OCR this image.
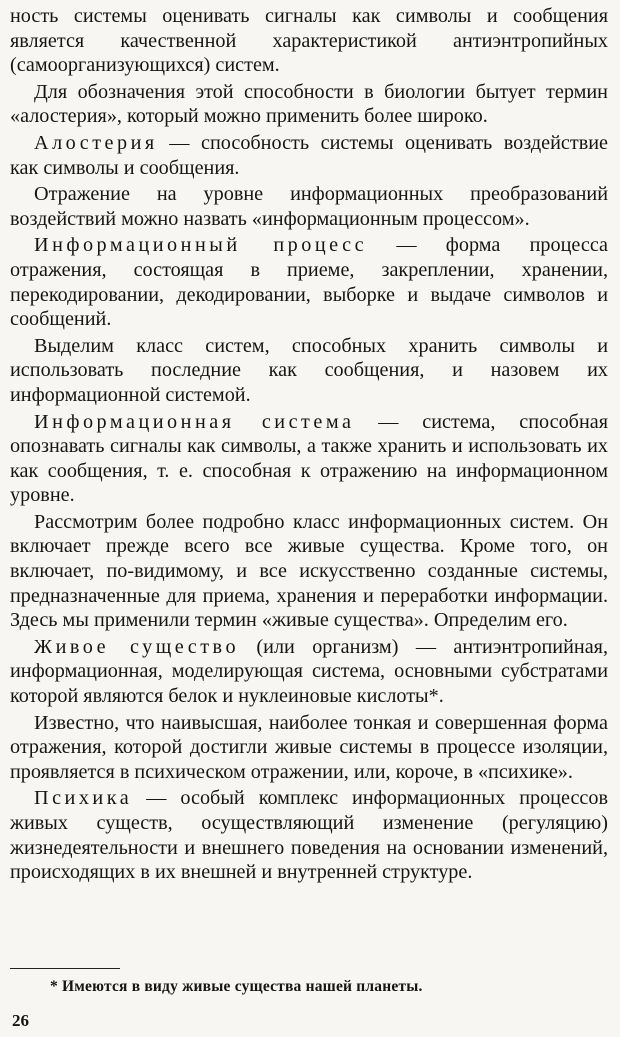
ность системы оценивать сигналы как символы и сообщения является качественной характеристикой антиэнтропийных (самоорганизующихся) систем.

Для обозначения этой способности в биологии бытует термин «алостерия», который можно применить более широко.

Алостерия — способность системы оценивать воздействие как символы и сообщения.

Отражение на уровне информационных преобразований воздействий можно назвать «информационным процессом».

Информационный процесс — форма процесса отражения, состоящая в приеме, закреплении, хранении, перекодировании, декодировании, выборке и выдаче символов и сообщений.

Выделим класс систем, способных хранить символы и использовать последние как сообщения, и назовем их информационной системой.

Информационная система — система, способная опознавать сигналы как символы, а также хранить и использовать их как сообщения, т. е. способная к отражению на информационном уровне.

Рассмотрим более подробно класс информационных систем. Он включает прежде всего все живые существа. Кроме того, он включает, по-видимому, и все искусственно созданные системы, предназначенные для приема, хранения и переработки информации. Здесь мы применили термин «живые существа». Определим его.

Живое существо (или организм) — антиэнтропийная, информационная, моделирующая система, основными субстратами которой являются белок и нуклеиновые кислоты*.

Известно, что наивысшая, наиболее тонкая и совершенная форма отражения, которой достигли живые системы в процессе изоляции, проявляется в психическом отражении, или, короче, в «психике».

Психика — особый комплекс информационных процессов живых существ, осуществляющий изменение (регуляцию) жизнедеятельности и внешнего поведения на основании изменений, происходящих в их внешней и внутренней структуре.

* Имеются в виду живые существа нашей планеты.
26
